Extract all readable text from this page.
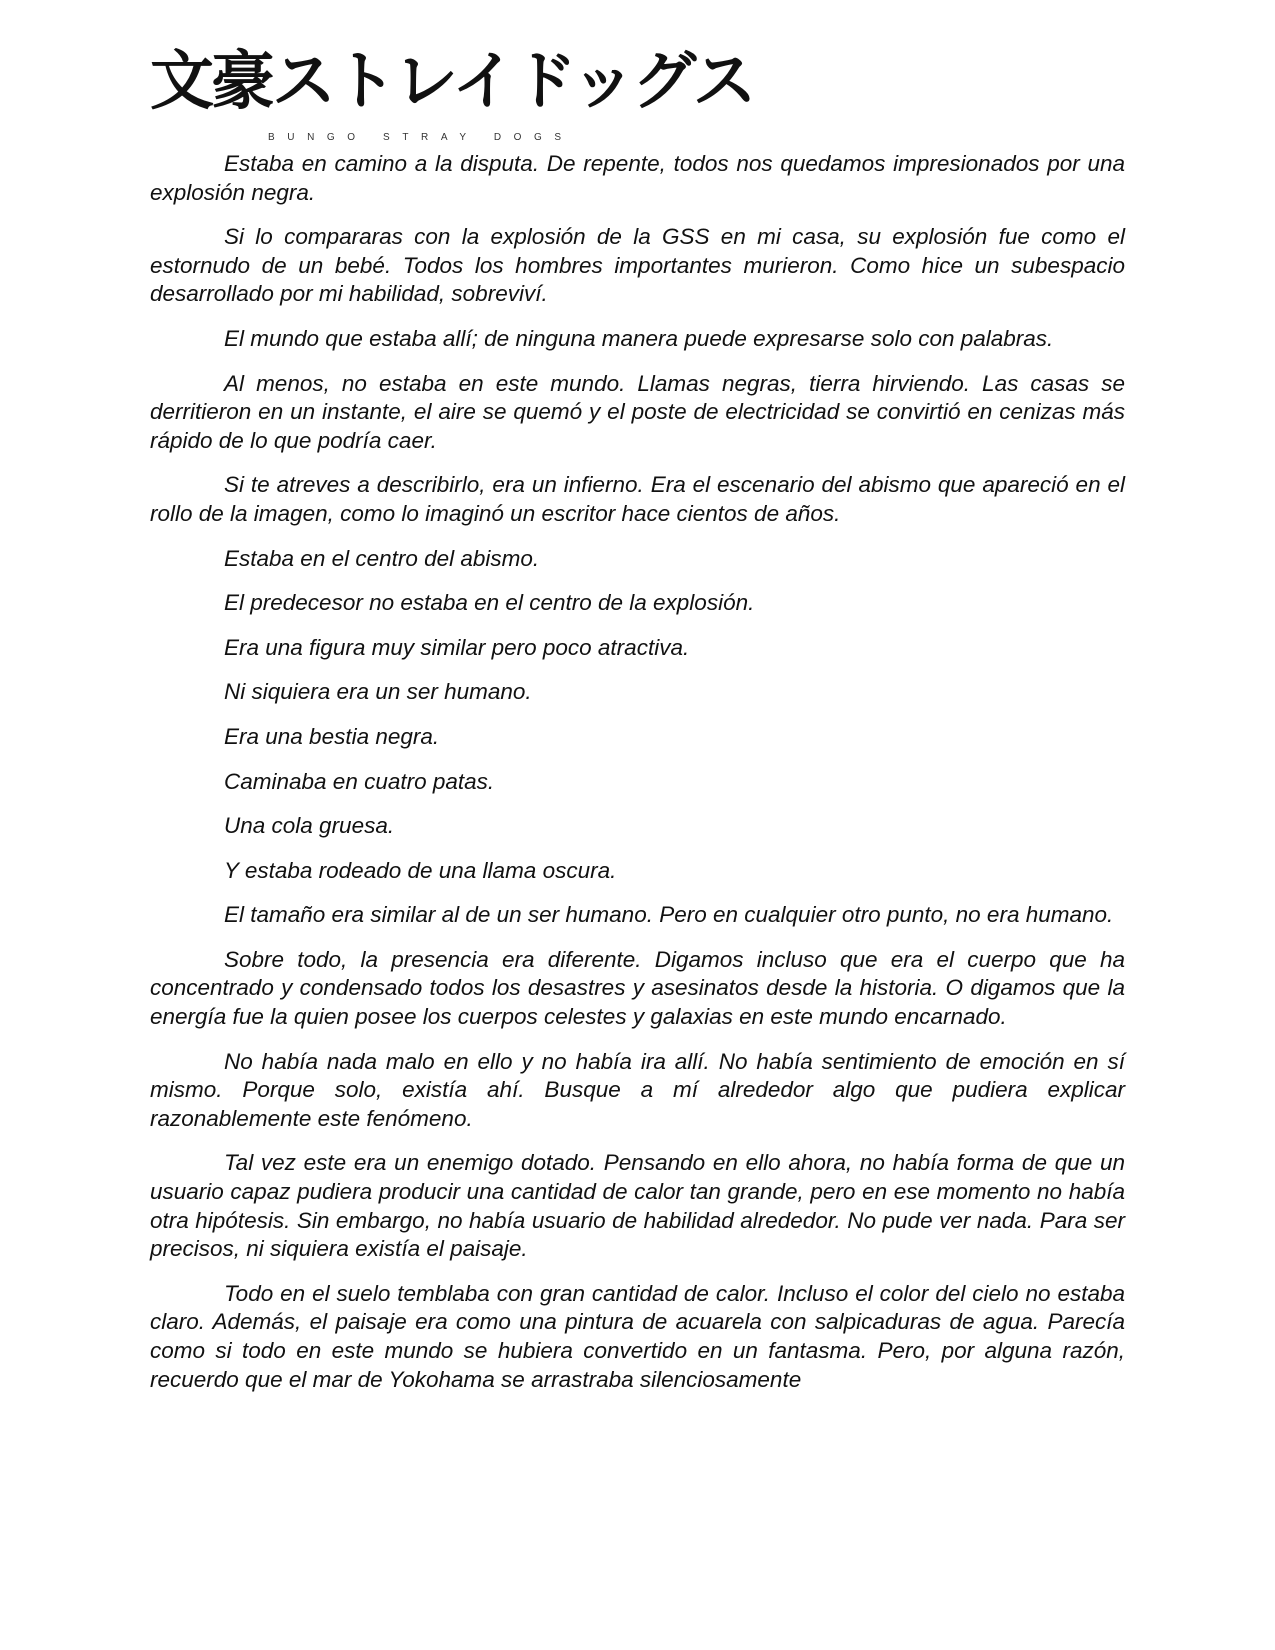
文豪ストレイドッグス
BUNGO STRAY DOGS

Estaba en camino a la disputa. De repente, todos nos quedamos impresionados por una explosión negra.

Si lo compararas con la explosión de la GSS en mi casa, su explosión fue como el estornudo de un bebé. Todos los hombres importantes murieron. Como hice un subespacio desarrollado por mi habilidad, sobreviví.

El mundo que estaba allí; de ninguna manera puede expresarse solo con palabras.

Al menos, no estaba en este mundo. Llamas negras, tierra hirviendo. Las casas se derritieron en un instante, el aire se quemó y el poste de electricidad se convirtió en cenizas más rápido de lo que podría caer.

Si te atreves a describirlo, era un infierno. Era el escenario del abismo que apareció en el rollo de la imagen, como lo imaginó un escritor hace cientos de años.

Estaba en el centro del abismo.

El predecesor no estaba en el centro de la explosión.

Era una figura muy similar pero poco atractiva.

Ni siquiera era un ser humano.

Era una bestia negra.

Caminaba en cuatro patas.

Una cola gruesa.

Y estaba rodeado de una llama oscura.

El tamaño era similar al de un ser humano. Pero en cualquier otro punto, no era humano.

Sobre todo, la presencia era diferente. Digamos incluso que era el cuerpo que ha concentrado y condensado todos los desastres y asesinatos desde la historia. O digamos que la energía fue la quien posee los cuerpos celestes y galaxias en este mundo encarnado.

No había nada malo en ello y no había ira allí. No había sentimiento de emoción en sí mismo. Porque solo, existía ahí. Busque a mí alrededor algo que pudiera explicar razonablemente este fenómeno.

Tal vez este era un enemigo dotado. Pensando en ello ahora, no había forma de que un usuario capaz pudiera producir una cantidad de calor tan grande, pero en ese momento no había otra hipótesis. Sin embargo, no había usuario de habilidad alrededor. No pude ver nada. Para ser precisos, ni siquiera existía el paisaje.

Todo en el suelo temblaba con gran cantidad de calor. Incluso el color del cielo no estaba claro. Además, el paisaje era como una pintura de acuarela con salpicaduras de agua. Parecía como si todo en este mundo se hubiera convertido en un fantasma. Pero, por alguna razón, recuerdo que el mar de Yokohama se arrastraba silenciosamente
